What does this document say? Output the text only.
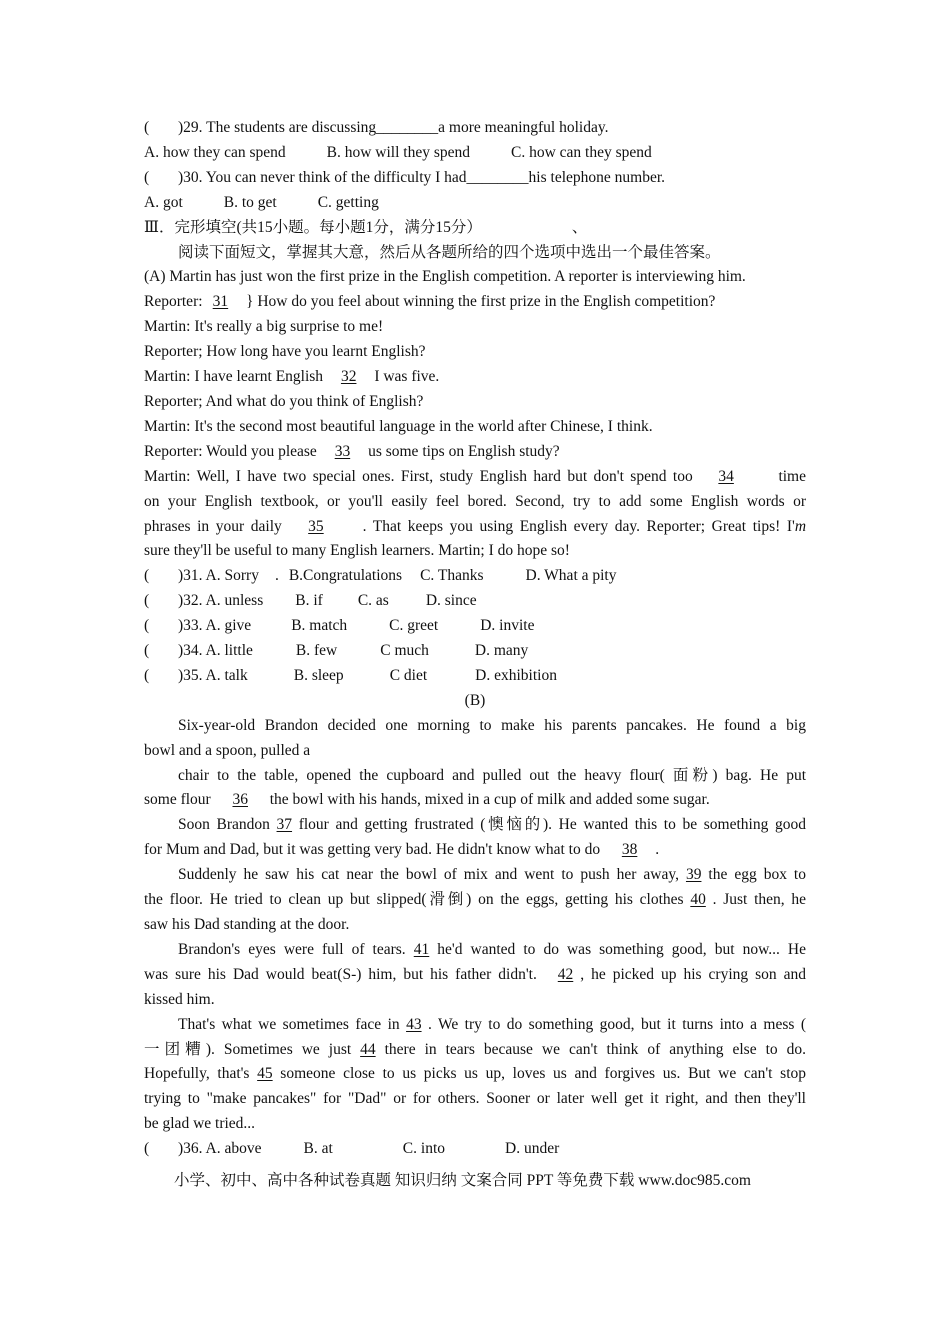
( )29. The students are discussing________a more meaningful holiday.
A. how they can spend	B. how will they spend	C. how can they spend
( )30. You can never think of the difficulty I had________his telephone number.
A. got	B. to get	C. getting
Ⅲ．完形填空(共15小题。每小题1分，满分15分）	、
阅读下面短文，掌握其大意，然后从各题所给的四个选项中选出一个最佳答案。
(A) Martin has just won the first prize in the English competition. A reporter is interviewing him.
Reporter: 31 } How do you feel about winning the first prize in the English competition?
Martin: It's really a big surprise to me!
Reporter; How long have you learnt English?
Martin: I have learnt English   32   I was five.
Reporter; And what do you think of English?
Martin: It's the second most beautiful language in the world after Chinese, I think.
Reporter: Would you please   33   us some tips on English study?
Martin: Well, I have two special ones. First, study English hard but don't spend too    34     time
on your English textbook, or you'll easily feel bored. Second, try to add some English words or
phrases in your daily    35    . That keeps you using English every day. Reporter; Great tips! I'm
sure they'll be useful to many English learners. Martin; I do hope so!
( )31. A. Sorry . B.Congratulations C. Thanks	D. What a pity
( )32. A. unless B. if C. as D. since
( )33. A. give	B. match	C. greet	D. invite
( )34. A. little	B. few	C much	D. many
( )35. A. talk	B. sleep	C diet	D. exhibition
(B)
Six-year-old Brandon decided one morning to make his parents pancakes. He found a big
bowl and a spoon, pulled a
chair to the table, opened the cupboard and pulled out the heavy flour( 面粉) bag. He put
some flour    36    the bowl with his hands, mixed in a cup of milk and added some sugar.
Soon Brandon 37 flour and getting frustrated (懊恼的). He wanted this to be something good
for Mum and Dad, but it was getting very bad. He didn't know what to do    38   .
Suddenly he saw his cat near the bowl of mix and went to push her away, 39 the egg box to
the floor. He tried to clean up but slipped(滑倒) on the eggs, getting his clothes 40 . Just then, he
saw his Dad standing at the door.
Brandon's eyes were full of tears. 41 he'd wanted to do was something good, but now... He
was sure his Dad would beat(S-) him, but his father didn't.   42 , he picked up his crying son and
kissed him.
That's what we sometimes face in 43 . We try to do something good, but it turns into a mess (
一团糟). Sometimes we just 44 there in tears because we can't think of anything else to do.
Hopefully, that's 45 someone close to us picks us up, loves us and forgives us. But we can't stop
trying to "make pancakes" for "Dad" or for others. Sooner or later well get it right, and then they'll
be glad we tried...
( )36. A. above	B. at	C. into	D. under
小学、初中、高中各种试卷真题 知识归纳 文案合同 PPT 等免费下载 www.doc985.com
